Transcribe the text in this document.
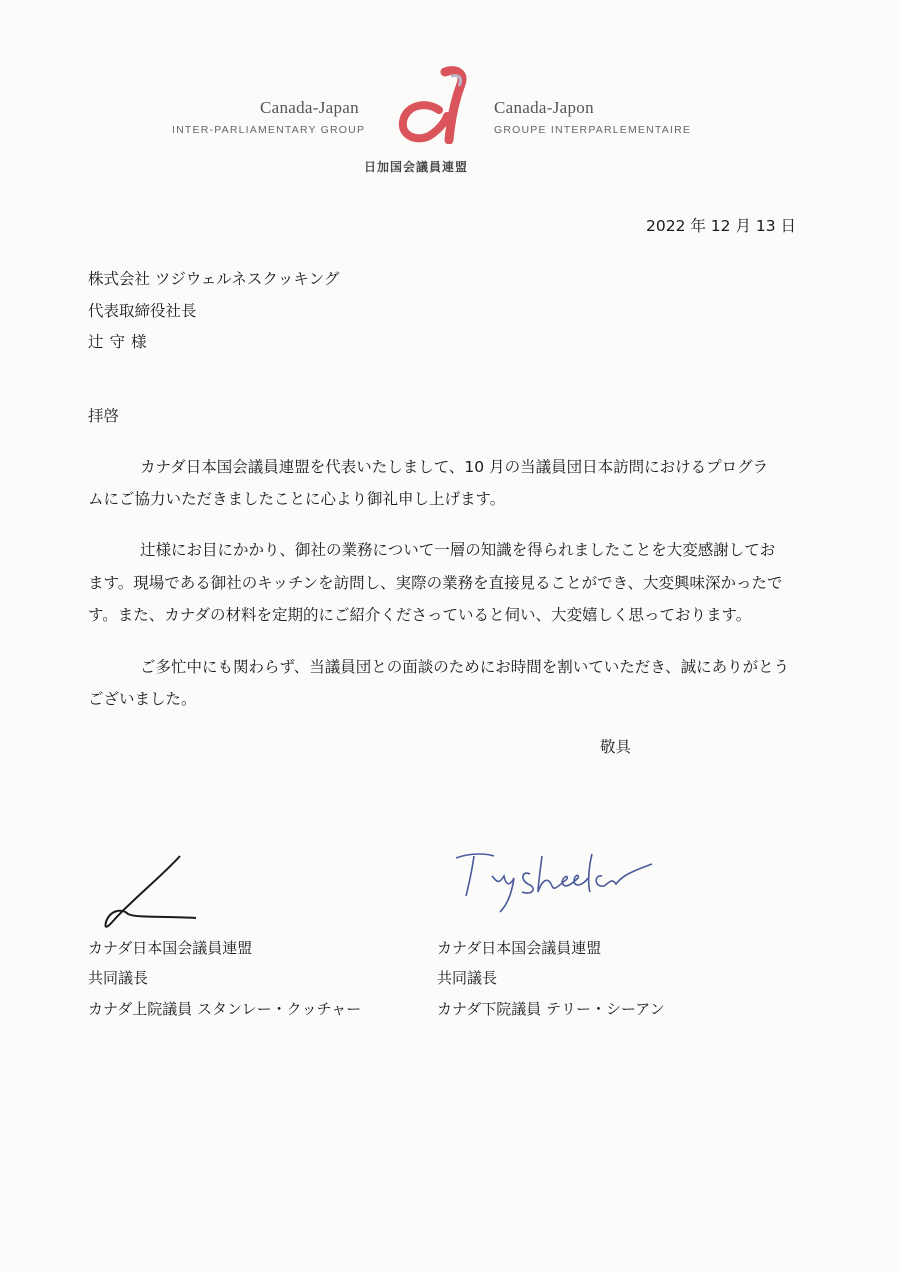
Canada-Japan
INTER-PARLIAMENTARY GROUP
Canada-Japon
GROUPE INTERPARLEMENTAIRE
日加国会議員連盟
2022 年 12 月 13 日
株式会社 ツジウェルネスクッキング
代表取締役社長
辻守様
拝啓
カナダ日本国会議員連盟を代表いたしまして、10 月の当議員団日本訪問におけるプログラ
ムにご協力いただきましたことに心より御礼申し上げます。
辻様にお目にかかり、御社の業務について一層の知識を得られましたことを大変感謝してお
ます。現場である御社のキッチンを訪問し、実際の業務を直接見ることができ、大変興味深かったで
す。また、カナダの材料を定期的にご紹介くださっていると伺い、大変嬉しく思っております。
ご多忙中にも関わらず、当議員団との面談のためにお時間を割いていただき、誠にありがとう
ございました。
敬具
カナダ日本国会議員連盟
共同議長
カナダ上院議員 スタンレー・クッチャー
カナダ日本国会議員連盟
共同議長
カナダ下院議員 テリー・シーアン
